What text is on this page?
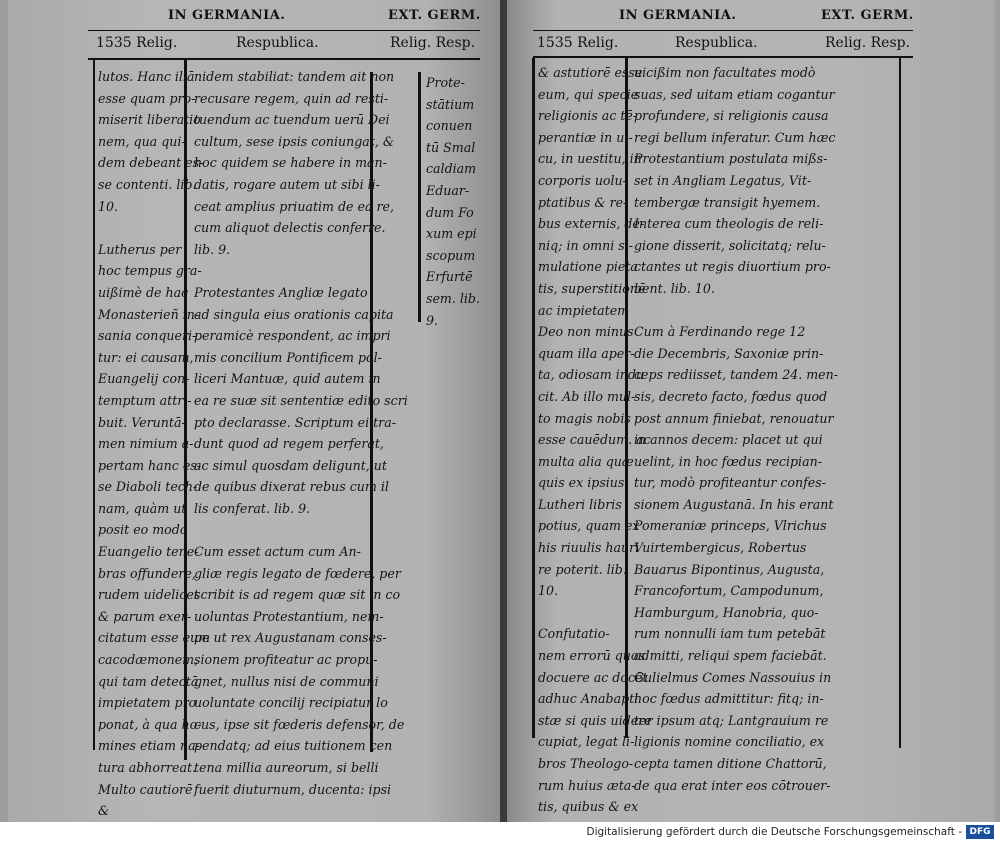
IN GERMANIA.	EXT. GERM.
1535 Relig.	Respublica.	Relig. Resp.
lutos. Hanc illā
esse quam pro-
miserit liberatio
nem, qua qui-
dem debeant es-
se contenti. lib.
10.

Lutherus per
hoc tempus gra-
uißimè de hac
Monasterieñ in-
sania conqueri-
tur: ei causam,
Euangelij con-
temptum attri-
buit. Veruntā-
men nimium a-
pertam hanc es-
se Diaboli tech-
nam, quàm ut
posit eo modo
Euangelio tene-
bras offundere,
rudem uidelicet
& parum exer-
citatum esse eum
cacodæmonem,
qui tam detectā
impietatem pro
ponat, à qua ho-
mines etiam na-
tura abhorreat.
Multo cautiorē
&
nidem stabiliat: tandem ait non
recusare regem, quin ad resti-
tuendum ac tuendum uerū Dei
cultum, sese ipsis coniungat, &
hoc quidem se habere in man-
datis, rogare autem ut sibi li-
ceat amplius priuatim de ea re,
cum aliquot delectis conferre.
lib. 9.

Protestantes Angliæ legato
ad singula eius orationis capita
peramicè respondent, ac impri
mis concilium Pontificem pol-
liceri Mantuæ, quid autem in
ea re suæ sit sententiæ edito scri
pto declarasse. Scriptum ei tra-
dunt quod ad regem perferat,
ac simul quosdam deligunt, ut
de quibus dixerat rebus cum il
lis conferat. lib. 9.

Cum esset actum cum An-
gliæ regis legato de fœdere, per
scribit is ad regem quæ sit in co
uoluntas Protestantium, nem-
pe ut rex Augustanam conses-
sionem profiteatur ac propu-
gnet, nullus nisi de communi
uoluntate concilij recipiatur lo
cus, ipse sit fœderis defensor, de
pendatq; ad eius tuitionem cen
tena millia aureorum, si belli
fuerit diuturnum, ducenta: ipsi
Prote-
stātium
conuen
tū Smal
caldiam
Eduar-
dum Fo
xum epi
scopum
Erfurtē
sem. lib.
9.
IN GERMANIA.	EXT. GERM.
1535 Relig.	Respublica.	Relig. Resp.
& astutiorē esse
eum, qui specie
religionis ac tē-
perantiæ in ui-
cu, in uestitu, in
corporis uolu-
ptatibus & re-
bus externis, de-
niq; in omni si-
mulatione pieta
tis, superstitionē
ac impietatem
Deo non minus
quam illa aper-
ta, odiosam indu
cit. Ab illo mul-
to magis nobis
esse cauēdum. ac
multa alia quæ
quis ex ipsius
Lutheri libris
potius, quam ex
his riuulis hauri
re poterit. lib.
10.

Confutatio-
nem errorū quos
docuere ac docēt
adhuc Anabapti
stæ si quis uidere
cupiat, legat li-
bros Theologo-
rum huius æta-
tis, quibus & ex
uicißim non facultates modò
suas, sed uitam etiam cogantur
profundere, si religionis causa
regi bellum inferatur. Cum hæc
Protestantium postulata mißs-
set in Angliam Legatus, Vit-
tembergæ transigit hyemem.
Interea cum theologis de reli-
gione disserit, solicitatq; relu-
ctantes ut regis diuortium pro-
bent. lib. 10.

Cum à Ferdinando rege 12
die Decembris, Saxoniæ prin-
ceps rediisset, tandem 24. men-
sis, decreto facto, fœdus quod
post annum finiebat, renouatur
in annos decem: placet ut qui
uelint, in hoc fœdus recipian-
tur, modò profiteantur confes-
sionem Augustanā. In his erant
Pomeraniæ princeps, Vlrichus
Vuirtembergicus, Robertus
Bauarus Bipontinus, Augusta,
Francofortum, Campodunum,
Hamburgum, Hanobria, quo-
rum nonnulli iam tum petebāt
admitti, reliqui spem faciebāt.
Gulielmus Comes Nassouius in
hoc fœdus admittitur: fitq; in-
ter ipsum atq; Lantgrauium re
ligionis nomine conciliatio, ex
cepta tamen ditione Chattorū,
de qua erat inter eos cōtrouer-
Digitalisierung gefördert durch die Deutsche Forschungsgemeinschaft - DFG
